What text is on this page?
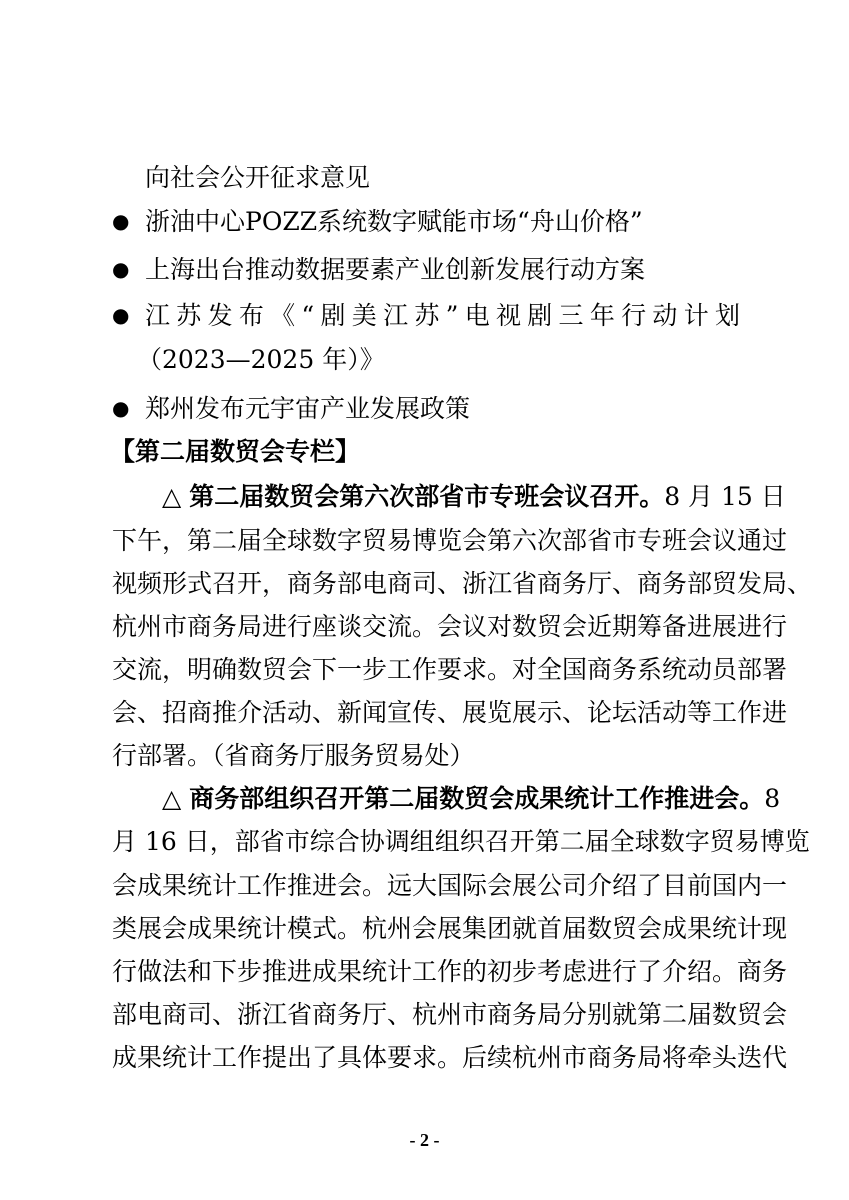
向社会公开征求意见
● 浙油中心POZZ系统数字赋能市场“舟山价格”
● 上海出台推动数据要素产业创新发展行动方案
● 江苏发布《“剧美江苏”电视剧三年行动计划
（2023—2025 年）》
● 郑州发布元宇宙产业发展政策
【第二届数贸会专栏】
△ 第二届数贸会第六次部省市专班会议召开。8 月 15 日
下午，第二届全球数字贸易博览会第六次部省市专班会议通过
视频形式召开，商务部电商司、浙江省商务厅、商务部贸发局、
杭州市商务局进行座谈交流。会议对数贸会近期筹备进展进行
交流，明确数贸会下一步工作要求。对全国商务系统动员部署
会、招商推介活动、新闻宣传、展览展示、论坛活动等工作进
行部署。（省商务厅服务贸易处）
△ 商务部组织召开第二届数贸会成果统计工作推进会。8
月 16 日，部省市综合协调组组织召开第二届全球数字贸易博览
会成果统计工作推进会。远大国际会展公司介绍了目前国内一
类展会成果统计模式。杭州会展集团就首届数贸会成果统计现
行做法和下步推进成果统计工作的初步考虑进行了介绍。商务
部电商司、浙江省商务厅、杭州市商务局分别就第二届数贸会
成果统计工作提出了具体要求。后续杭州市商务局将牵头迭代
- 2 -
